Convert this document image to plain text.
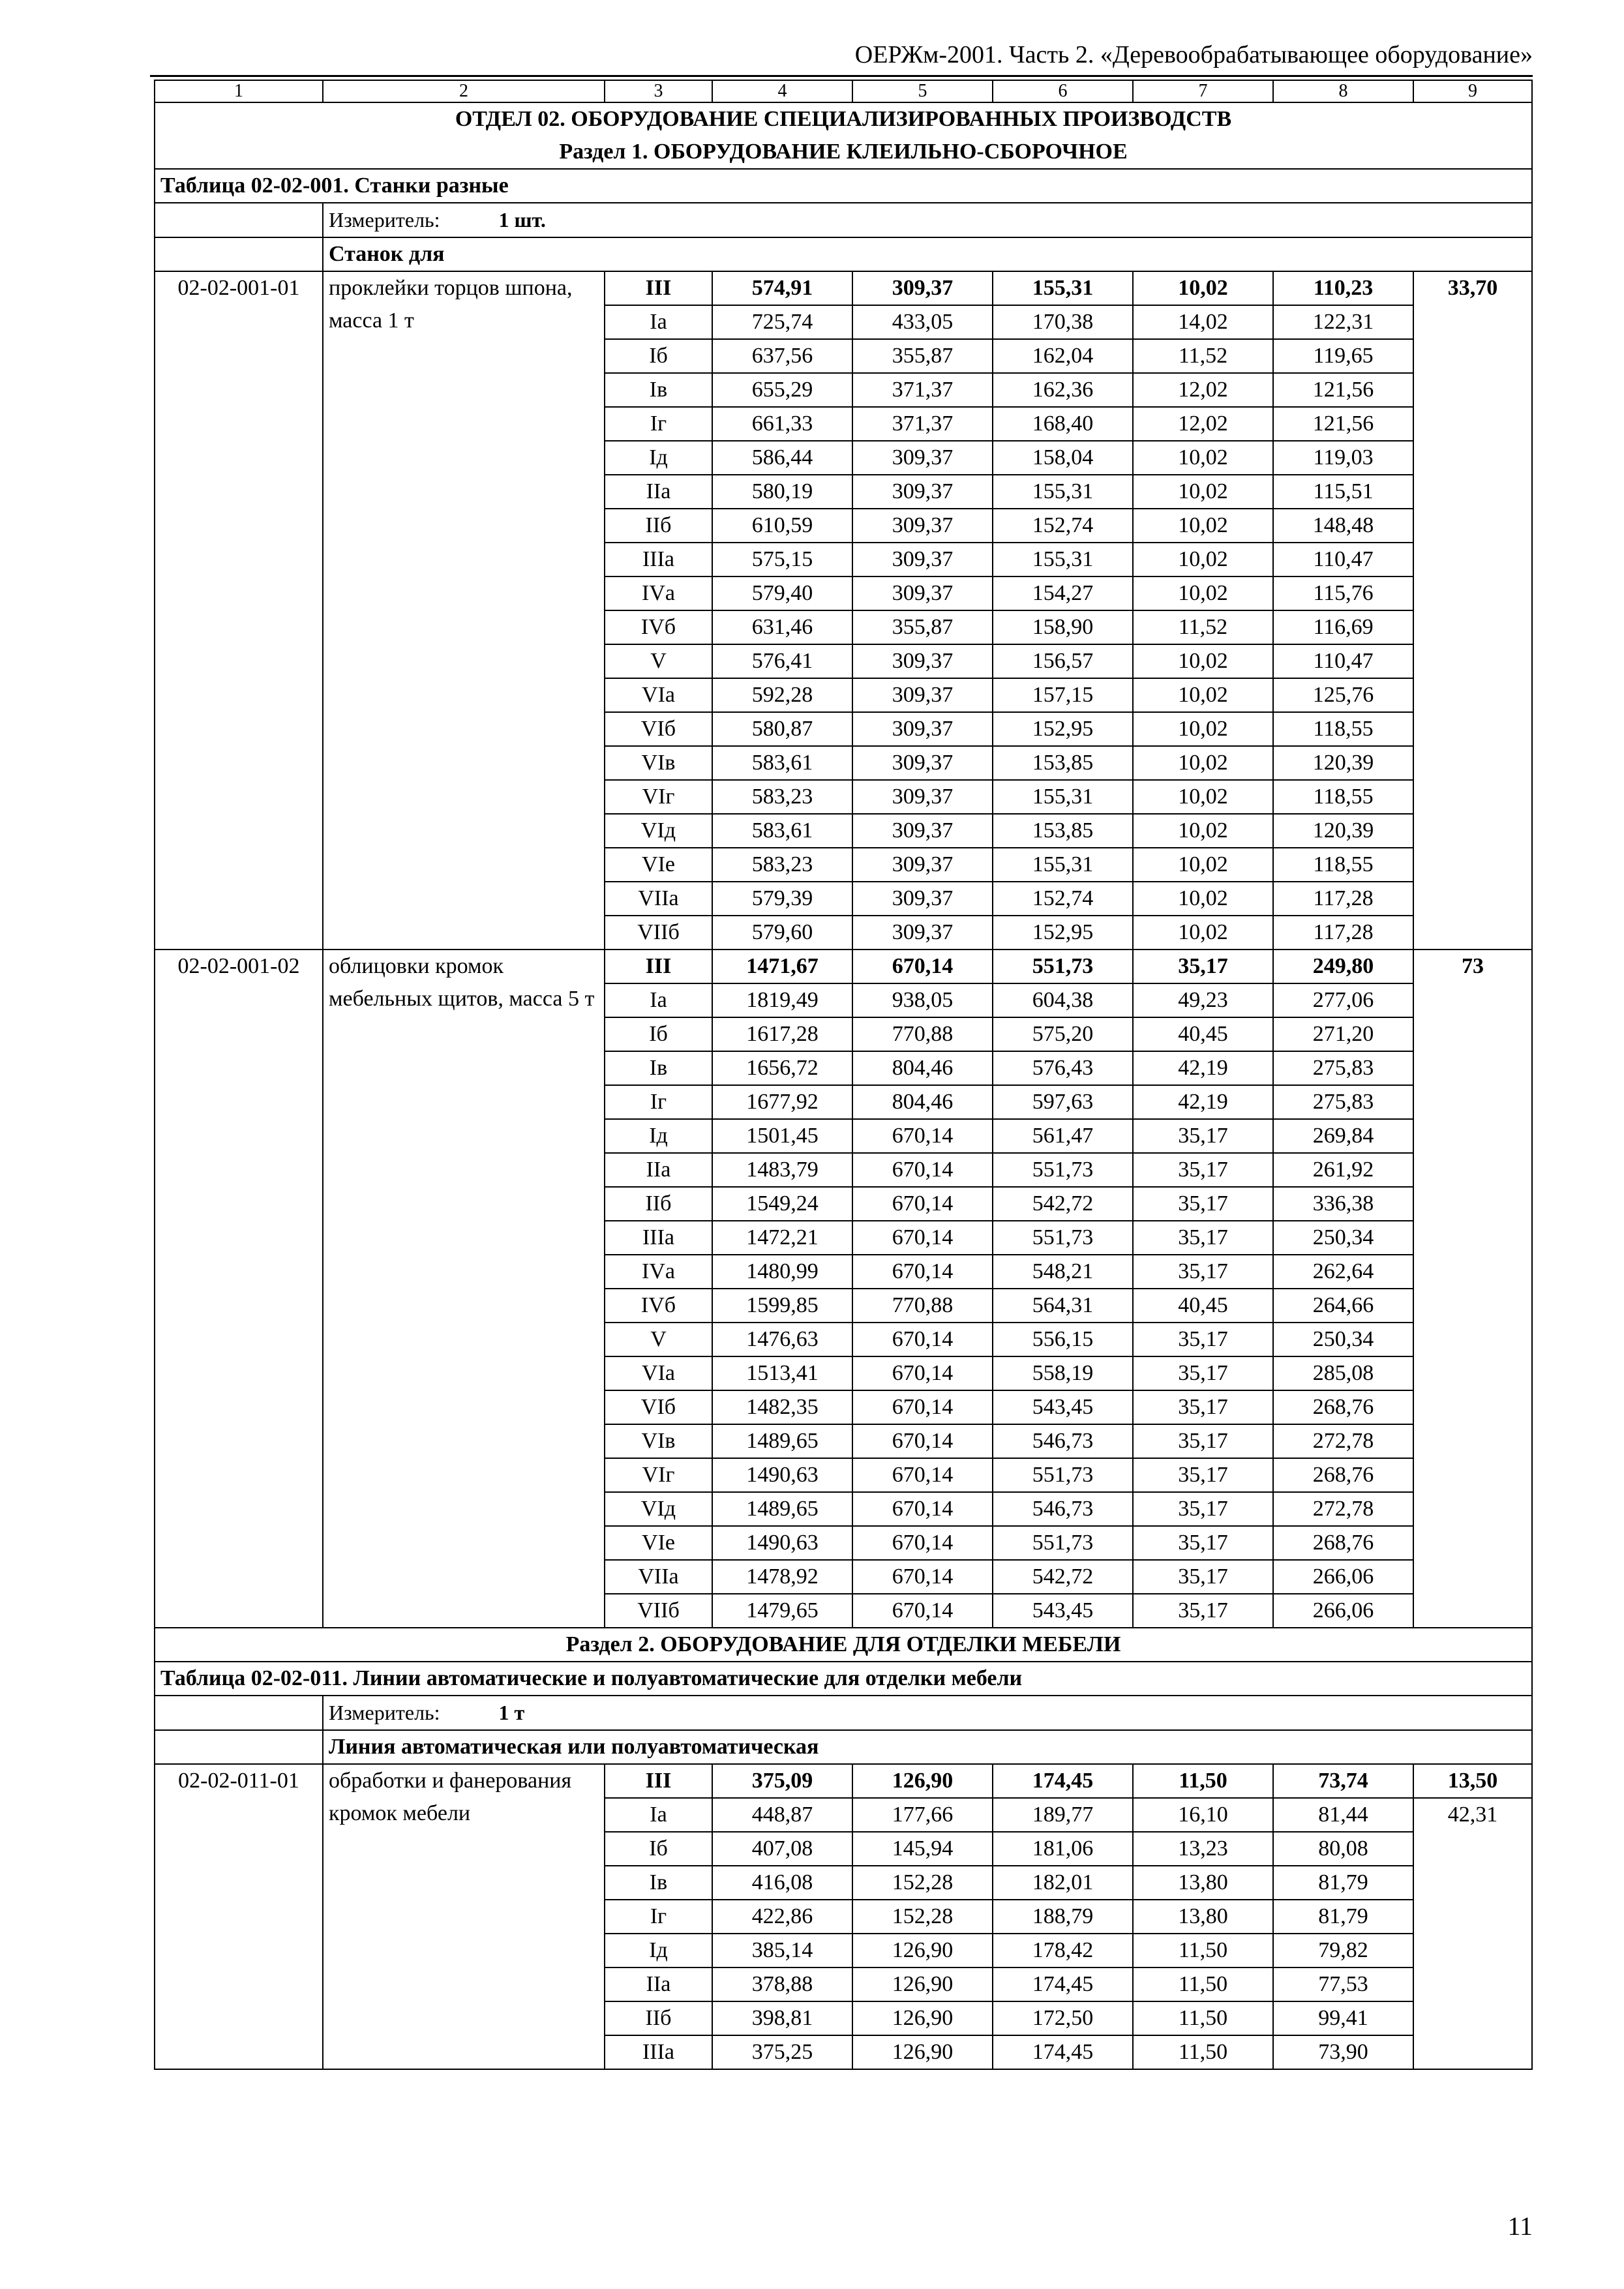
ОЕРЖм-2001. Часть 2. «Деревообрабатывающее оборудование»
1	2	3	4	5	6	7	8	9

ОТДЕЛ 02. ОБОРУДОВАНИЕ СПЕЦИАЛИЗИРОВАННЫХ ПРОИЗВОДСТВ
Раздел 1. ОБОРУДОВАНИЕ КЛЕИЛЬНО-СБОРОЧНОЕ								

Таблица 02-02-001. Станки разные								
	Измеритель: 1 шт.							
	Станок для							
02-02-001-01	проклейки торцов шпона, масса 1 т	III	574,91	309,37	155,31	10,02	110,23	33,70
		Iа	725,74	433,05	170,38	14,02	122,31	
		Iб	637,56	355,87	162,04	11,52	119,65	
		Iв	655,29	371,37	162,36	12,02	121,56	
		Iг	661,33	371,37	168,40	12,02	121,56	
		Iд	586,44	309,37	158,04	10,02	119,03	
		IIа	580,19	309,37	155,31	10,02	115,51	
		IIб	610,59	309,37	152,74	10,02	148,48	
		IIIа	575,15	309,37	155,31	10,02	110,47	
		IVа	579,40	309,37	154,27	10,02	115,76	
		IVб	631,46	355,87	158,90	11,52	116,69	
		V	576,41	309,37	156,57	10,02	110,47	
		VIа	592,28	309,37	157,15	10,02	125,76	
		VIб	580,87	309,37	152,95	10,02	118,55	
		VIв	583,61	309,37	153,85	10,02	120,39	
		VIг	583,23	309,37	155,31	10,02	118,55	
		VIд	583,61	309,37	153,85	10,02	120,39	
		VIе	583,23	309,37	155,31	10,02	118,55	
		VIIа	579,39	309,37	152,74	10,02	117,28	
		VIIб	579,60	309,37	152,95	10,02	117,28	
02-02-001-02	облицовки кромок мебельных щитов, масса 5 т	III	1471,67	670,14	551,73	35,17	249,80	73
		Iа	1819,49	938,05	604,38	49,23	277,06	
		Iб	1617,28	770,88	575,20	40,45	271,20	
		Iв	1656,72	804,46	576,43	42,19	275,83	
		Iг	1677,92	804,46	597,63	42,19	275,83	
		Iд	1501,45	670,14	561,47	35,17	269,84	
		IIа	1483,79	670,14	551,73	35,17	261,92	
		IIб	1549,24	670,14	542,72	35,17	336,38	
		IIIа	1472,21	670,14	551,73	35,17	250,34	
		IVа	1480,99	670,14	548,21	35,17	262,64	
		IVб	1599,85	770,88	564,31	40,45	264,66	
		V	1476,63	670,14	556,15	35,17	250,34	
		VIа	1513,41	670,14	558,19	35,17	285,08	
		VIб	1482,35	670,14	543,45	35,17	268,76	
		VIв	1489,65	670,14	546,73	35,17	272,78	
		VIг	1490,63	670,14	551,73	35,17	268,76	
		VIд	1489,65	670,14	546,73	35,17	272,78	
		VIе	1490,63	670,14	551,73	35,17	268,76	
		VIIа	1478,92	670,14	542,72	35,17	266,06	
		VIIб	1479,65	670,14	543,45	35,17	266,06	
Раздел 2. ОБОРУДОВАНИЕ ДЛЯ ОТДЕЛКИ МЕБЕЛИ								
Таблица 02-02-011. Линии автоматические и полуавтоматические для отделки мебели								
	Измеритель: 1 т							
	Линия автоматическая или полуавтоматическая							
02-02-011-01	обработки и фанерования кромок мебели	III	375,09	126,90	174,45	11,50	73,74	13,50
		Iа	448,87	177,66	189,77	16,10	81,44	42,31
		Iб	407,08	145,94	181,06	13,23	80,08	
		Iв	416,08	152,28	182,01	13,80	81,79	
		Iг	422,86	152,28	188,79	13,80	81,79	
		Iд	385,14	126,90	178,42	11,50	79,82	
		IIа	378,88	126,90	174,45	11,50	77,53	
		IIб	398,81	126,90	172,50	11,50	99,41	
		IIIа	375,25	126,90	174,45	11,50	73,90	
11
